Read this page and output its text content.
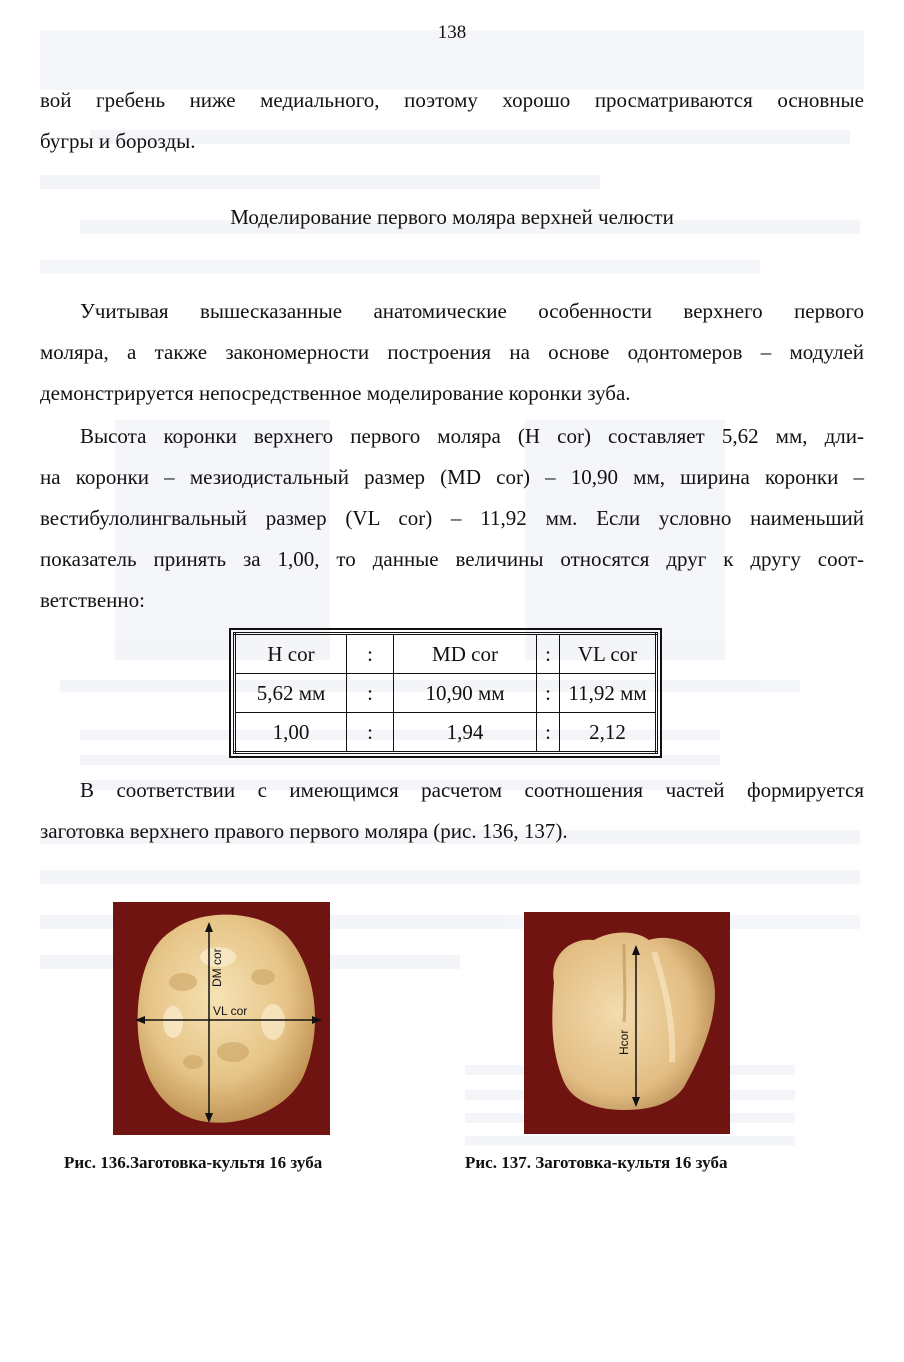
138

вой гребень ниже медиального, поэтому хорошо просматриваются основные

бугры и борозды.

Моделирование первого моляра верхней челюсти

Учитывая вышесказанные анатомические особенности верхнего первого

моляра, а также закономерности построения на основе одонтомеров – модулей

демонстрируется непосредственное моделирование коронки зуба.

Высота коронки верхнего первого моляра (H cor) составляет 5,62 мм, дли-

на коронки – мезиодистальный размер (MD cor) – 10,90 мм, ширина коронки –

вестибулолингвальный размер (VL cor) – 11,92 мм. Если условно наименьший

показатель принять за 1,00, то данные величины относятся друг к другу соот-

ветственно:

H cor	:	MD cor	:	VL cor
5,62 мм	:	10,90 мм	:	11,92 мм
1,00	:	1,94	:	2,12

В соответствии с имеющимся расчетом соотношения частей формируется

заготовка верхнего правого первого моляра (рис. 136, 137).

DM cor
VL cor
Рис. 136.Заготовка-культя 16 зуба
Hcor
Рис. 137. Заготовка-культя 16 зуба
